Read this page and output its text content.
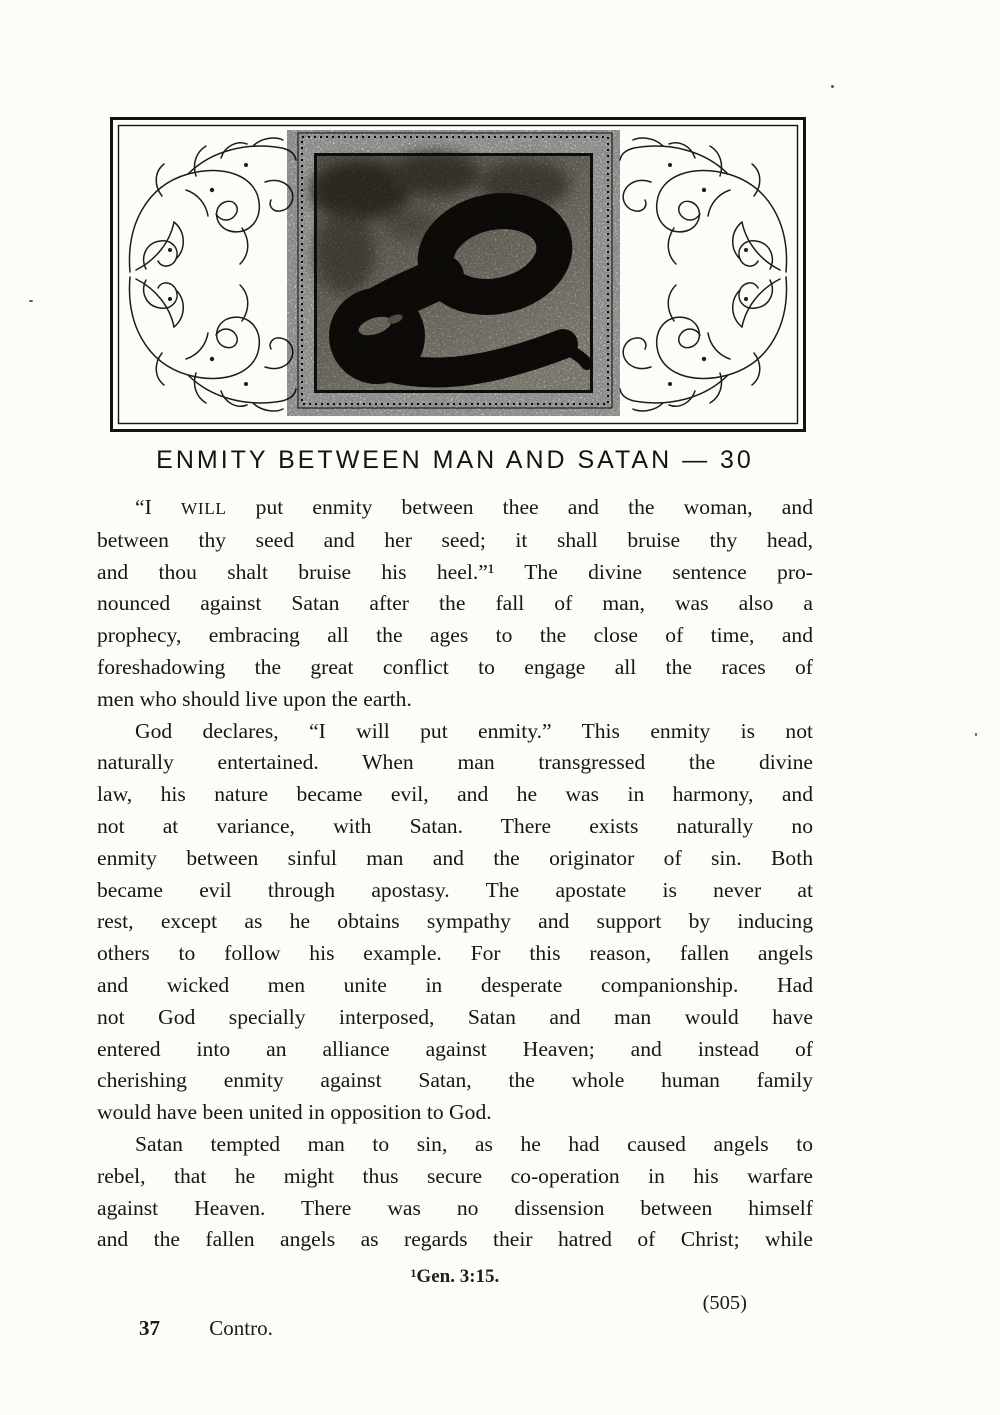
ENMITY BETWEEN MAN AND SATAN — 30
“I WILL put enmity between thee and the woman, and
between thy seed and her seed; it shall bruise thy head,
and thou shalt bruise his heel.”¹ The divine sentence pro-
nounced against Satan after the fall of man, was also a
prophecy, embracing all the ages to the close of time, and
foreshadowing the great conflict to engage all the races of
men who should live upon the earth.
God declares, “I will put enmity.” This enmity is not
naturally entertained. When man transgressed the divine
law, his nature became evil, and he was in harmony, and
not at variance, with Satan. There exists naturally no
enmity between sinful man and the originator of sin. Both
became evil through apostasy. The apostate is never at
rest, except as he obtains sympathy and support by inducing
others to follow his example. For this reason, fallen angels
and wicked men unite in desperate companionship. Had
not God specially interposed, Satan and man would have
entered into an alliance against Heaven; and instead of
cherishing enmity against Satan, the whole human family
would have been united in opposition to God.
Satan tempted man to sin, as he had caused angels to
rebel, that he might thus secure co-operation in his warfare
against Heaven. There was no dissension between himself
and the fallen angels as regards their hatred of Christ; while
¹Gen. 3:15.
(505)
37 Contro.
